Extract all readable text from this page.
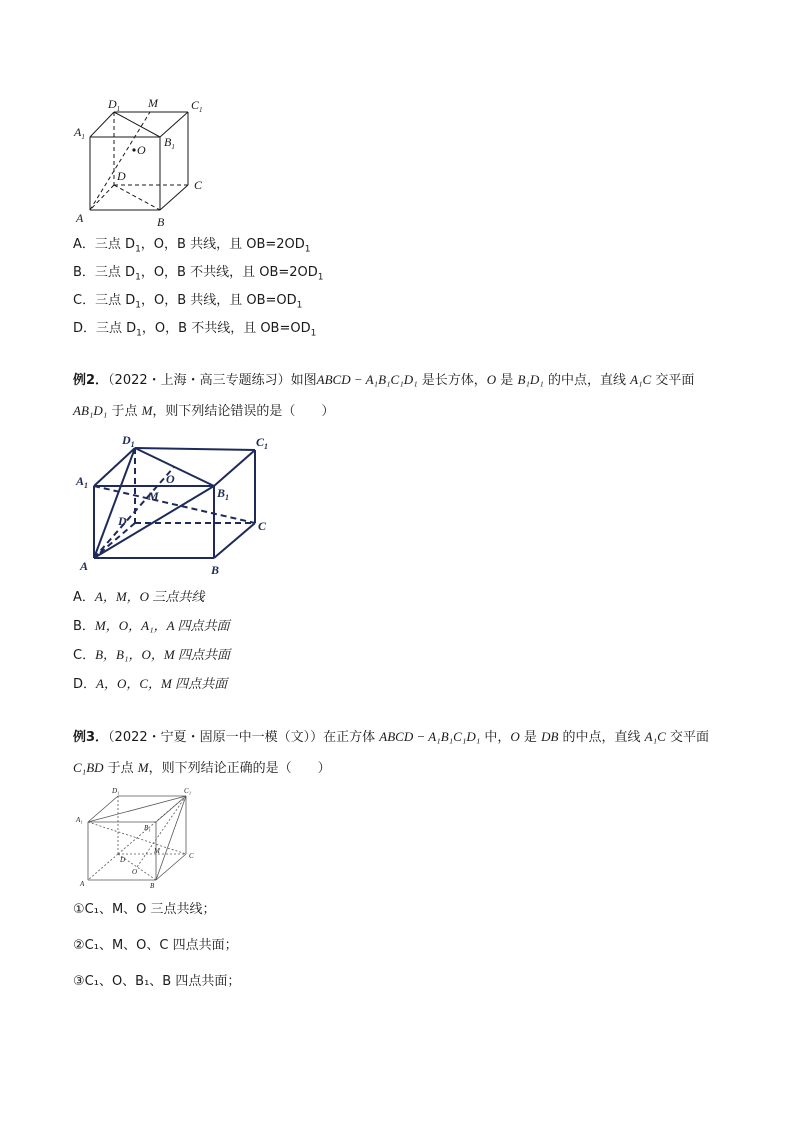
$D_1$ M	$C_1$
$A_1$	$B_1$
O
D
C
A	B
A．三点 $D_1$，O，B 共线，且 $OB=2OD_1$
B．三点 $D_1$，O，B 不共线，且 $OB=2OD_1$
C．三点 $D_1$，O，B 共线，且 $OB=OD_1$
D．三点 $D_1$，O，B 不共线，且 $OB=OD_1$
例2．（2022・上海・高三专题练习）如图ABCD − A₁B₁C₁D₁ 是长方体，O 是 B₁D₁ 的中点，直线 A₁C 交平面
AB₁D₁ 于点 M，则下列结论错误的是（　　）
$D_1$	$C_1$
$A_1$
$B_1$
O
M
D	C
A	B
A．A，M，O 三点共线
B．M，O，A₁，A 四点共面
C．B，B₁，O，M 四点共面
D．A，O，C，M 四点共面
例3．（2022・宁夏・固原一中一模（文））在正方体 ABCD − A₁B₁C₁D₁ 中，O 是 DB 的中点，直线 A₁C 交平面
C₁BD 于点 M，则下列结论正确的是（　　）
D₁	C₁
A₁
B₁
M
D	C
O
A	B
①C₁、M、O 三点共线；
②C₁、M、O、C 四点共面；
③C₁、O、B₁、B 四点共面；
